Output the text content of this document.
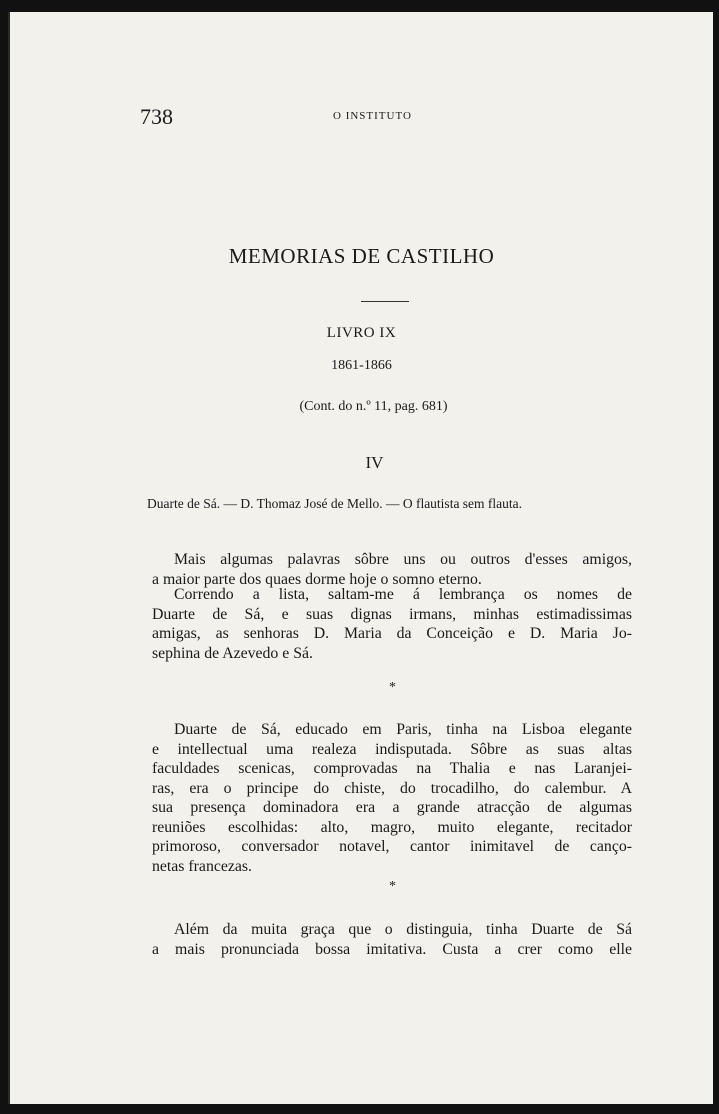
738	O INSTITUTO
MEMORIAS DE CASTILHO
LIVRO IX
1861-1866
(Cont. do n.º 11, pag. 681)
IV
Duarte de Sá. — D. Thomaz José de Mello. — O flautista sem flauta.
Mais algumas palavras sôbre uns ou outros d'esses amigos,
a maior parte dos quaes dorme hoje o somno eterno.
Correndo a lista, saltam-me á lembrança os nomes de
Duarte de Sá, e suas dignas irmans, minhas estimadissimas
amigas, as senhoras D. Maria da Conceição e D. Maria Jo-
sephina de Azevedo e Sá.
*
Duarte de Sá, educado em Paris, tinha na Lisboa elegante
e intellectual uma realeza indisputada. Sôbre as suas altas
faculdades scenicas, comprovadas na Thalia e nas Laranjei-
ras, era o principe do chiste, do trocadilho, do calembur. A
sua presença dominadora era a grande atracção de algumas
reuniões escolhidas: alto, magro, muito elegante, recitador
primoroso, conversador notavel, cantor inimitavel de canço-
netas francezas.
*
Além da muita graça que o distinguia, tinha Duarte de Sá
a mais pronunciada bossa imitativa. Custa a crer como elle
